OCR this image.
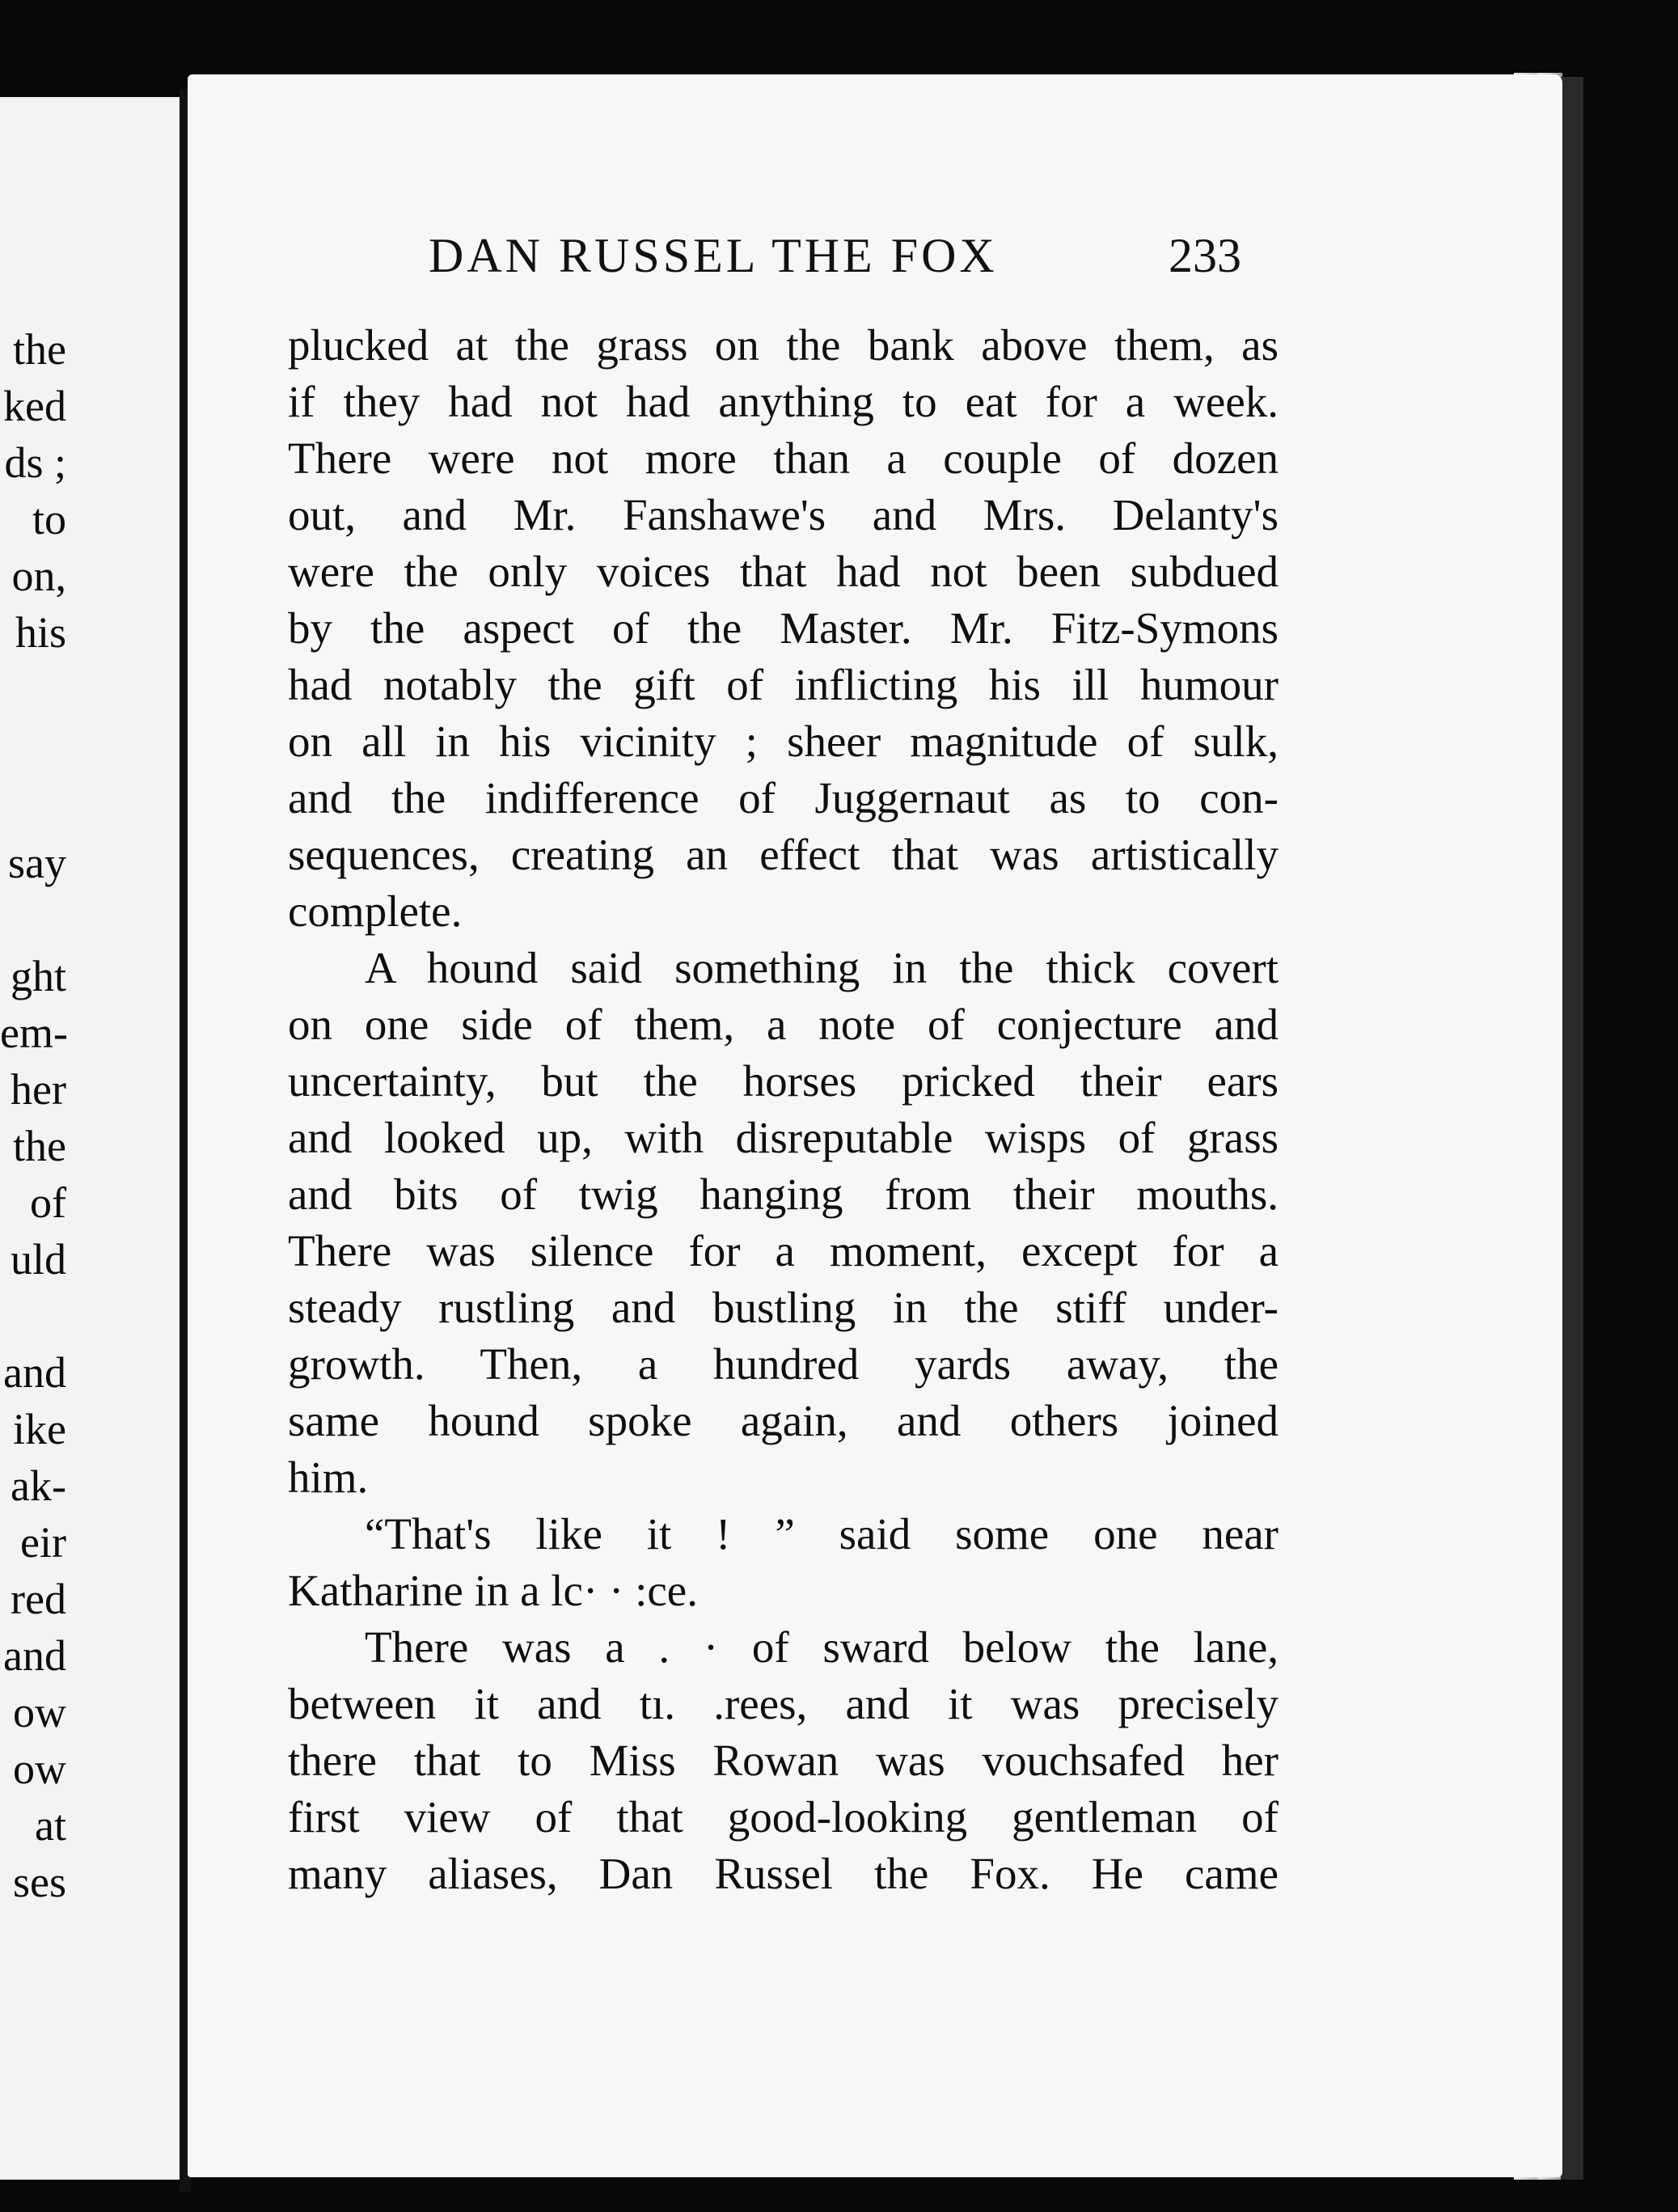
the
ked
ds ;
to
on,
his
say
ght
em-
her
the
of
uld
and
ike
ak-
eir
red
and
ow
ow
at
ses
DAN RUSSEL THE FOX	233
plucked at the grass on the bank above them, as
if they had not had anything to eat for a week.
There were not more than a couple of dozen
out, and Mr. Fanshawe's and Mrs. Delanty's
were the only voices that had not been subdued
by the aspect of the Master. Mr. Fitz-Symons
had notably the gift of inflicting his ill humour
on all in his vicinity ; sheer magnitude of sulk,
and the indifference of Juggernaut as to con-
sequences, creating an effect that was artistically
complete.
A hound said something in the thick covert
on one side of them, a note of conjecture and
uncertainty, but the horses pricked their ears
and looked up, with disreputable wisps of grass
and bits of twig hanging from their mouths.
There was silence for a moment, except for a
steady rustling and bustling in the stiff under-
growth. Then, a hundred yards away, the
same hound spoke again, and others joined
him.
“That's like it ! ” said some one near
Katharine in a lc· · :ce.
There was a . · of sward below the lane,
between it and tı. .rees, and it was precisely
there that to Miss Rowan was vouchsafed her
first view of that good-looking gentleman of
many aliases, Dan Russel the Fox. He came
